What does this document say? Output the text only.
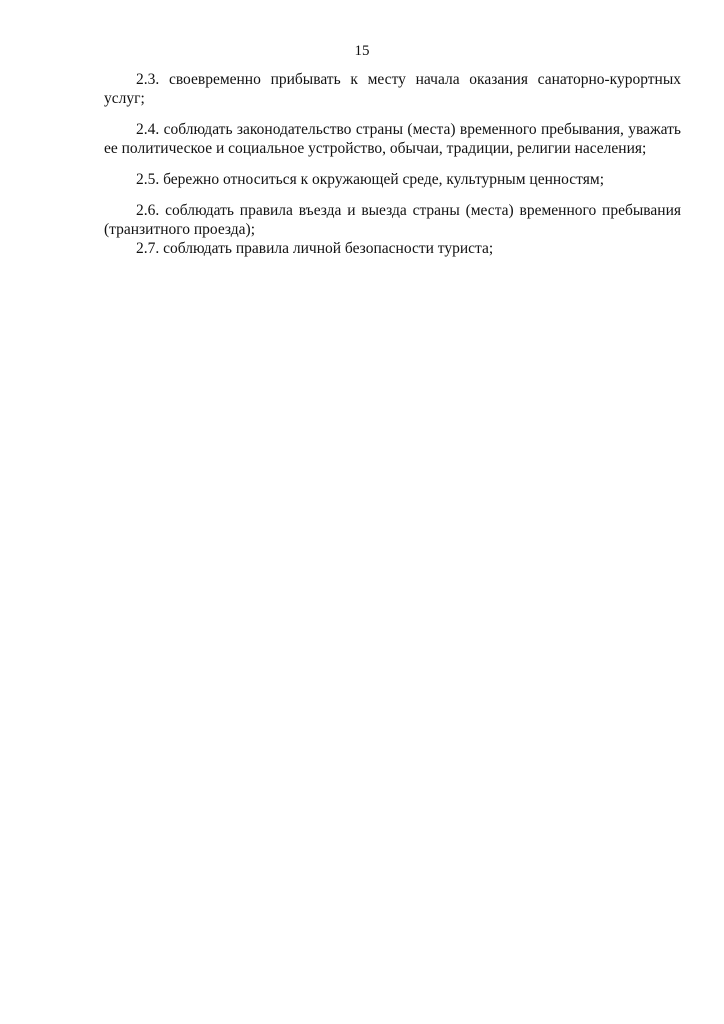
15

2.3. своевременно прибывать к месту начала оказания санаторно-курортных услуг;

2.4. соблюдать законодательство страны (места) временного пребывания, уважать ее политическое и социальное устройство, обычаи, традиции, религии населения;

2.5. бережно относиться к окружающей среде, культурным ценностям;

2.6. соблюдать правила въезда и выезда страны (места) временного пребывания (транзитного проезда);

2.7. соблюдать правила личной безопасности туриста;
